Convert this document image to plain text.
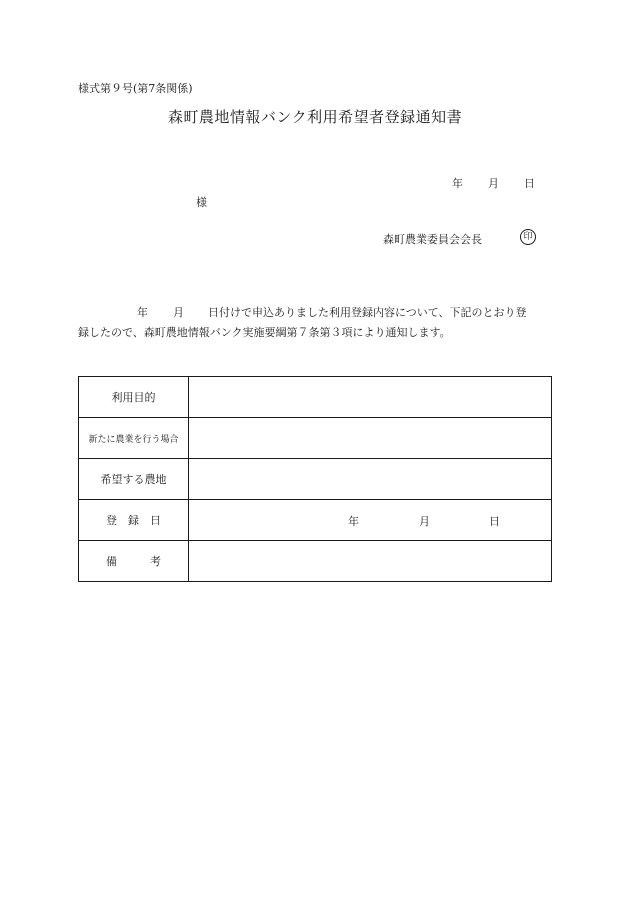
様式第９号(第7条関係)
森町農地情報バンク利用希望者登録通知書
年 月 日
様
森町農業委員会会長	印
年 月 日付けで申込ありました利用登録内容について、下記のとおり登
録したので、森町農地情報バンク実施要綱第７条第３項により通知します。
利用目的	
新たに農業を行う場合	
希望する農地	
登　録　日	年 月 日

備　　　考	
